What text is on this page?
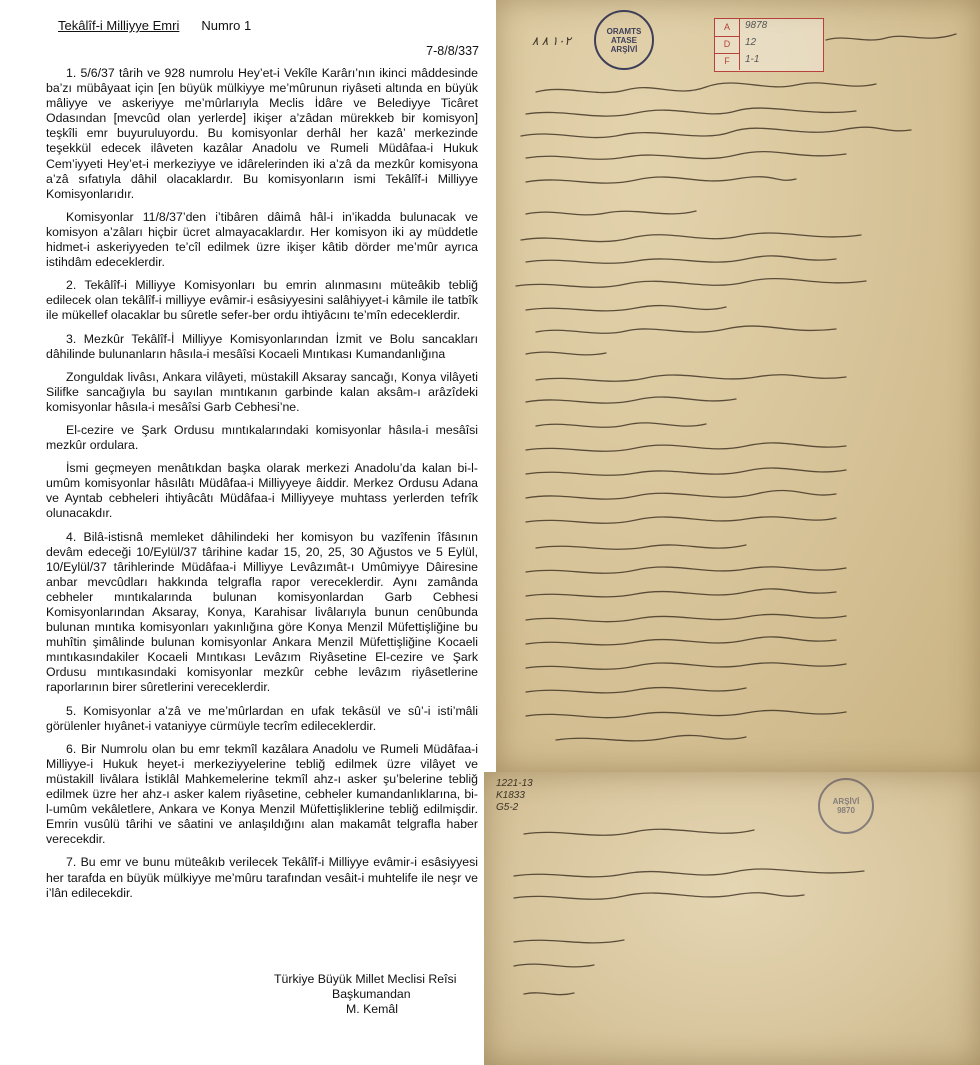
Tekâlîf-i Milliyye Emri Numro 1
7-8/8/337

1. 5/6/37 târih ve 928 numrolu Hey’et-i Vekîle Karârı’nın ikinci mâddesinde ba’zı mübâyaat için [en büyük mülkiyye me’mûrunun riyâseti altında en büyük mâliyye ve askeriyye me’mûrlarıyla Meclis İdâre ve Belediyye Ticâret Odasından [mevcûd olan yerlerde] ikişer a’zâdan mürekkeb bir komisyon] teşkîli emr buyuruluyordu. Bu komisyonlar derhâl her kazâ’ merkezinde teşekkül edecek ilâveten kazâlar Anadolu ve Rumeli Müdâfaa-i Hukuk Cem’iyyeti Hey’et-i merkeziyye ve idârelerinden iki a’zâ da mezkûr komisyona a’zâ sıfatıyla dâhil olacaklardır. Bu komisyonların ismi Tekâlîf-i Milliyye Komisyonlarıdır.

Komisyonlar 11/8/37’den i’tibâren dâimâ hâl-i in’ikadda bulunacak ve komisyon a’zâları hiçbir ücret almayacaklardır. Her komisyon iki ay müddetle hidmet-i askeriyyeden te’cîl edilmek üzre ikişer kâtib dörder me’mûr ayrıca istihdâm edeceklerdir.

2. Tekâlîf-i Milliyye Komisyonları bu emrin alınmasını müteâkib tebliğ edilecek olan tekâlîf-i milliyye evâmir-i esâsiyyesini salâhiyyet-i kâmile ile tatbîk ile mükellef olacaklar bu sûretle sefer-ber ordu ihtiyâcını te’mîn edeceklerdir.

3. Mezkûr Tekâlîf-İ Milliyye Komisyonlarından İzmit ve Bolu sancakları dâhilinde bulunanların hâsıla-i mesâîsi Kocaeli Mıntıkası Kumandanlığına

Zonguldak livâsı, Ankara vilâyeti, müstakill Aksaray sancağı, Konya vilâyeti Silifke sancağıyla bu sayılan mıntıkanın garbinde kalan aksâm-ı arâzîdeki komisyonlar hâsıla-i mesâîsi Garb Cebhesi’ne.

El-cezire ve Şark Ordusu mıntıkalarındaki komisyonlar hâsıla-i mesâîsi mezkûr ordulara.

İsmi geçmeyen menâtıkdan başka olarak merkezi Anadolu’da kalan bi-l-umûm komisyonlar hâsılâtı Müdâfaa-i Milliyyeye âiddir. Merkez Ordusu Adana ve Ayntab cebheleri ihtiyâcâtı Müdâfaa-i Milliyyeye muhtass yerlerden tefrîk olunacakdır.

4. Bilâ-istisnâ memleket dâhilindeki her komisyon bu vazîfenin îfâsının devâm edeceği 10/Eylül/37 târihine kadar 15, 20, 25, 30 Ağustos ve 5 Eylül, 10/Eylül/37 târihlerinde Müdâfaa-i Milliyye Levâzımât-ı Umûmiyye Dâiresine anbar mevcûdları hakkında telgrafla rapor vereceklerdir. Aynı zamânda cebheler mıntıkalarında bulunan komisyonlardan Garb Cebhesi Komisyonlarından Aksaray, Konya, Karahisar livâlarıyla bunun cenûbunda bulunan mıntıka komisyonları yakınlığına göre Konya Menzil Müfettişliğine bu muhîtin şimâlinde bulunan komisyonlar Ankara Menzil Müfettişliğine Kocaeli mıntıkasındakiler Kocaeli Mıntıkası Levâzım Riyâsetine El-cezire ve Şark Ordusu mıntıkasındaki komisyonlar mezkûr cebhe levâzım riyâsetlerine raporlarının birer sûretlerini vereceklerdir.

5. Komisyonlar a’zâ ve me’mûrlardan en ufak tekâsül ve sû’-i isti’mâli görülenler hıyânet-i vataniyye cürmüyle tecrîm edileceklerdir.

6. Bir Numrolu olan bu emr tekmîl kazâlara Anadolu ve Rumeli Müdâfaa-i Milliyye-i Hukuk heyet-i merkeziyyelerine tebliğ edilmek üzre vilâyet ve müstakill livâlara İstiklâl Mahkemelerine tekmîl ahz-ı asker şu’belerine tebliğ edilmek üzre her ahz-ı asker kalem riyâsetine, cebheler kumandanlıklarına, bi-l-umûm vekâletlere, Ankara ve Konya Menzil Müfettişliklerine tebliğ edilmişdir. Emrin vusûlü târihi ve sâatini ve anlaşıldığını alan makamât telgrafla haber verecekdir.

7. Bu emr ve bunu müteâkıb verilecek Tekâlîf-i Milliyye evâmir-i esâsiyyesi her tarafda en büyük mülkiyye me’mûru tarafından vesâit-i muhtelife ile neşr ve i’lân edilecekdir.

Türkiye Büyük Millet Meclisi Reîsi
Başkumandan
M. Kemâl
١٠٢ ٨ ٨
ORAMTS
ATASE
ARŞİVİ
A
D
F
9878
12
1-1
1221-13
K1833
G5-2
ARŞİVİ
9870
